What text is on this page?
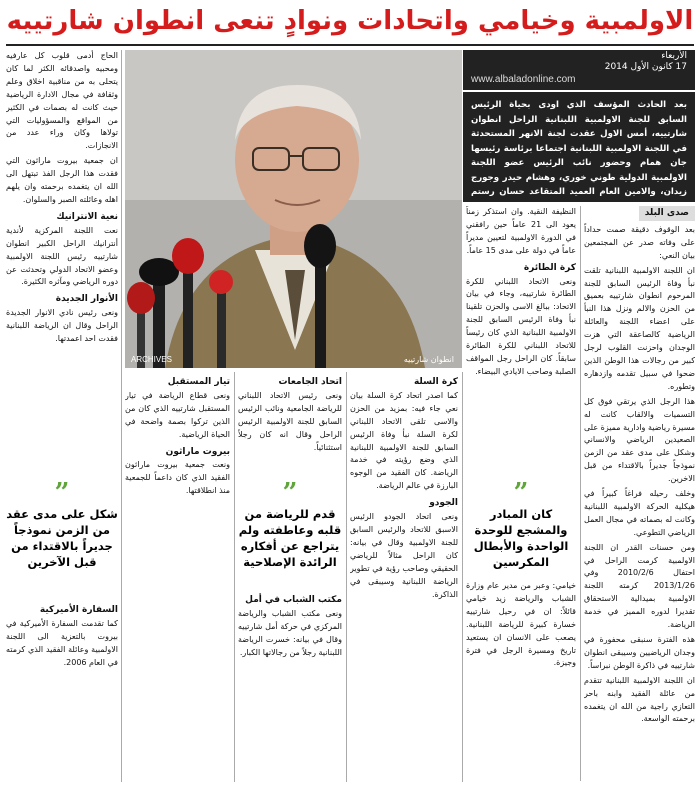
الاولمبية وخيامي واتحادات ونوادٍ تنعى انطوان شارتييه
ARCHIVES	انطوان شارتييه
الأربعاء
17 كانون الأول 2014
www.albaladonline.com
بعد الحادث المؤسف الذي اودى بحياة الرئيس السابق للجنة الاولمبية اللبنانية الراحل انطوان شارتييه، أمس الاول عقدت لجنة الانهر المستحدثة في اللجنة الاولمبية اللبنانية اجتماعا برئاسة رئيسها جان همام وحضور نائب الرئيس عضو اللجنة الاولمبية الدولية طوني خوري، وهشام حيدر وجورج زيدان، والامين العام العميد المتقاعد حسان رستم
صدى البلد

بعد الوقوف دقيقة صمت حداداً على وفاته صدر عن المجتمعين بيان النعي:

ان اللجنة الاولمبية اللبنانية تلقت نبأ وفاة الرئيس السابق للجنة المرحوم انطوان شارتييه بعميق من الحزن والالم ونزل هذا النبأ على اعضاء اللجنة والعائلة الرياضية كالصاعقة التي هزت الوجدان واحزنت القلوب لرجل كبير من رجالات هذا الوطن الذين ضحوا في سبيل تقدمه وازدهاره وتطوره.

هذا الرجل الذي يرتقي فوق كل التسميات والالقاب كانت له مسيرة رياضية وادارية مميزة على الصعيدين الرياضي والانساني وشكل على مدى عقد من الزمن نموذجاً جديراً بالاقتداء من قبل الاخرين.

وخلف رحيله فراغاً كبيراً في هيكلية الحركة الاولمبية اللبنانية وكانت له بصماته في مجال العمل الرياضي التطوعي.

ومن حسنات القدر ان اللجنة الاولمبية كرمت الراحل في احتفال 2010/2/6 وفي 2013/1/26 كرمته اللجنة الاولمبية بميدالية الاستحقاق تقديرا لدوره المميز في خدمة الرياضة.

هذه الفترة سنبقى محفورة في وجدان الرياضيين وسيبقى انطوان شارتييه في ذاكرة الوطن نبراساً.

ان اللجنة الاولمبية اللبنانية تتقدم من عائلة الفقيد وابنه باحر التعازي راجية من الله ان يتغمده برحمته الواسعة.

”
كان المبادر والمشجع للوحدة الواحدة والأبطال المكرسين

خيامي: وعبر من مدير عام وزارة الشباب والرياضة زيد خيامي قائلاً: ان في رحيل شارتييه خسارة كبيرة للرياضة اللبنانية. يصعب على الانسان ان يستعيد تاريخ ومسيرة الرجل في فترة وجيزة.

النظيفة النقية. وان استذكر زمناً يعود الى 21 عاماً حين رافقني في الدورة الاولمبية لتعيين مديراً عاماً في دولة على مدى 15 عاماً.

كرة الطائرة

ونعى الاتحاد اللبناني للكرة الطائرة شارتييه، وجاء في بيان الاتحاد: ببالغ الاسى والحزن تلقينا نبأ وفاة الرئيس السابق للجنة الاولمبية اللبنانية الذي كان رئيساً للاتحاد اللبناني للكرة الطائرة سابقاً. كان الراحل رجل المواقف الصلبة وصاحب الايادي البيضاء.

كرة السلة

كما اصدر اتحاد كرة السلة بيان نعي جاء فيه: بمزيد من الحزن والاسى تلقى الاتحاد اللبناني لكرة السلة نبأ وفاة الرئيس السابق للجنة الاولمبية اللبنانية الذي وضع رؤيته في خدمة الرياضة. كان الفقيد من الوجوه البارزة في عالم الرياضة.

الجودو

ونعى اتحاد الجودو الرئيس الاسبق للاتحاد والرئيس السابق للجنة الاولمبية وقال في بيانه: كان الراحل مثالاً للرياضي الحقيقي وصاحب رؤية في تطوير الرياضة اللبنانية وسيبقى في الذاكرة.

”
قدم للرياضة من قلبه وعاطفته ولم يتراجع عن أفكاره الرائدة الإصلاحية
اتحاد الجامعات

ونعى رئيس الاتحاد اللبناني للرياضة الجامعية ونائب الرئيس السابق للجنة الاولمبية الرئيس الراحل وقال انه كان رجلاً استثنائياً.

مكتب الشباب في أمل

ونعى مكتب الشباب والرياضة المركزي في حركة أمل شارتييه وقال في بيانه: خسرت الرياضة اللبنانية رجلاً من رجالاتها الكبار.

تيار المستقبل

ونعى قطاع الرياضة في تيار المستقبل شارتييه الذي كان من الذين تركوا بصمة واضحة في الحياة الرياضية.

بيروت ماراثون

ونعت جمعية بيروت ماراثون الفقيد الذي كان داعماً للجمعية منذ انطلاقتها.

الحاج أدمى قلوب كل عارفيه ومحبيه واصدقائه الكثر لما كان يتحلى به من مناقبية اخلاق وعلم وثقافة في مجال الادارة الرياضية حيث كانت له بصمات في الكثير من المواقع والمسؤوليات التي تولاها وكان وراء عدد من الانجازات.

ان جمعية بيروت ماراثون التي فقدت هذا الرجل الفذ تبتهل الى الله ان يتغمده برحمته وان يلهم اهله وعائلته الصبر والسلوان.

نعية الانترانيك

نعت اللجنة المركزية لأندية أنترانيك الراحل الكبير انطوان شارتييه رئيس اللجنة الاولمبية وعضو الاتحاد الدولي وتحدثت عن دوره الرياضي ومآثره الكثيرة.

الأنوار الجديدة

ونعى رئيس نادي الانوار الجديدة الراحل وقال ان الرياضة اللبنانية فقدت احد اعمدتها.

”
شكل على مدى عقد من الزمن نموذجاً جديراً بالاقتداء من قبل الآخرين
السفارة الأميركية

كما تقدمت السفارة الأميركية في بيروت بالتعزية الى اللجنة الاولمبية وعائلة الفقيد الذي كرمته في العام 2006.
